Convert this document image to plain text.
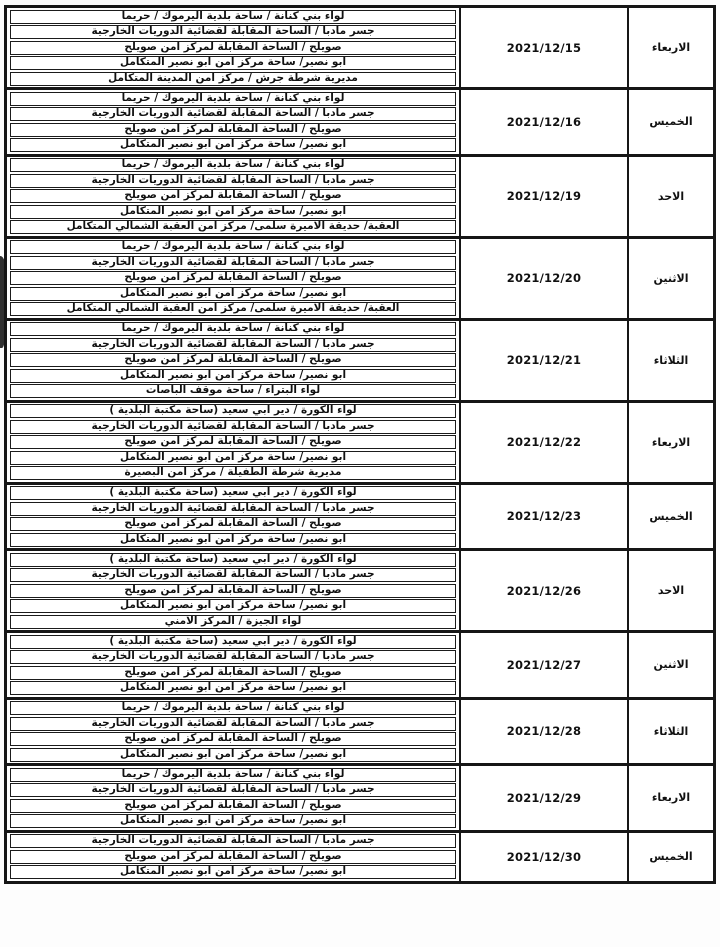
الاربعاء
2021/12/15
لواء بني كنانة / ساحة بلدية اليرموك / حريما
جسر مادبا / الساحة المقابلة لقضائية الدوريات الخارجية
صويلح / الساحة المقابلة لمركز امن صويلح
ابو نصير/ ساحة مركز امن ابو نصير المتكامل
مديرية شرطة جرش / مركز امن المدينة المتكامل
الخميس
2021/12/16
لواء بني كنانة / ساحة بلدية اليرموك / حريما
جسر مادبا / الساحة المقابلة لقضائية الدوريات الخارجية
صويلح / الساحة المقابلة لمركز امن صويلح
ابو نصير/ ساحة مركز امن ابو نصير المتكامل
الاحد
2021/12/19
لواء بني كنانة / ساحة بلدية اليرموك / حريما
جسر مادبا / الساحة المقابلة لقضائية الدوريات الخارجية
صويلح / الساحة المقابلة لمركز امن صويلح
ابو نصير/ ساحة مركز امن ابو نصير المتكامل
العقبة/ حديقة الاميرة سلمى/ مركز امن العقبة الشمالي المتكامل
الاثنين
2021/12/20
لواء بني كنانة / ساحة بلدية اليرموك / حريما
جسر مادبا / الساحة المقابلة لقضائية الدوريات الخارجية
صويلح / الساحة المقابلة لمركز امن صويلح
ابو نصير/ ساحة مركز امن ابو نصير المتكامل
العقبة/ حديقة الاميرة سلمى/ مركز امن العقبة الشمالي المتكامل
الثلاثاء
2021/12/21
لواء بني كنانة / ساحة بلدية اليرموك / حريما
جسر مادبا / الساحة المقابلة لقضائية الدوريات الخارجية
صويلح / الساحة المقابلة لمركز امن صويلح
ابو نصير/ ساحة مركز امن ابو نصير المتكامل
لواء البتراء / ساحة موقف الباصات
الاربعاء
2021/12/22
لواء الكورة / دير ابي سعيد (ساحة مكتبة البلدية )
جسر مادبا / الساحة المقابلة لقضائية الدوريات الخارجية
صويلح / الساحة المقابلة لمركز امن صويلح
ابو نصير/ ساحة مركز امن ابو نصير المتكامل
مديرية شرطة الطفيلة / مركز امن البصيرة
الخميس
2021/12/23
لواء الكورة / دير ابي سعيد (ساحة مكتبة البلدية )
جسر مادبا / الساحة المقابلة لقضائية الدوريات الخارجية
صويلح / الساحة المقابلة لمركز امن صويلح
ابو نصير/ ساحة مركز امن ابو نصير المتكامل
الاحد
2021/12/26
لواء الكورة / دير ابي سعيد (ساحة مكتبة البلدية )
جسر مادبا / الساحة المقابلة لقضائية الدوريات الخارجية
صويلح / الساحة المقابلة لمركز امن صويلح
ابو نصير/ ساحة مركز امن ابو نصير المتكامل
لواء الجيزة / المركز الامني
الاثنين
2021/12/27
لواء الكورة / دير ابي سعيد (ساحة مكتبة البلدية )
جسر مادبا / الساحة المقابلة لقضائية الدوريات الخارجية
صويلح / الساحة المقابلة لمركز امن صويلح
ابو نصير/ ساحة مركز امن ابو نصير المتكامل
الثلاثاء
2021/12/28
لواء بني كنانة / ساحة بلدية اليرموك / حريما
جسر مادبا / الساحة المقابلة لقضائية الدوريات الخارجية
صويلح / الساحة المقابلة لمركز امن صويلح
ابو نصير/ ساحة مركز امن ابو نصير المتكامل
الاربعاء
2021/12/29
لواء بني كنانة / ساحة بلدية اليرموك / حريما
جسر مادبا / الساحة المقابلة لقضائية الدوريات الخارجية
صويلح / الساحة المقابلة لمركز امن صويلح
ابو نصير/ ساحة مركز امن ابو نصير المتكامل
الخميس
2021/12/30
جسر مادبا / الساحة المقابلة لقضائية الدوريات الخارجية
صويلح / الساحة المقابلة لمركز امن صويلح
ابو نصير/ ساحة مركز امن ابو نصير المتكامل
